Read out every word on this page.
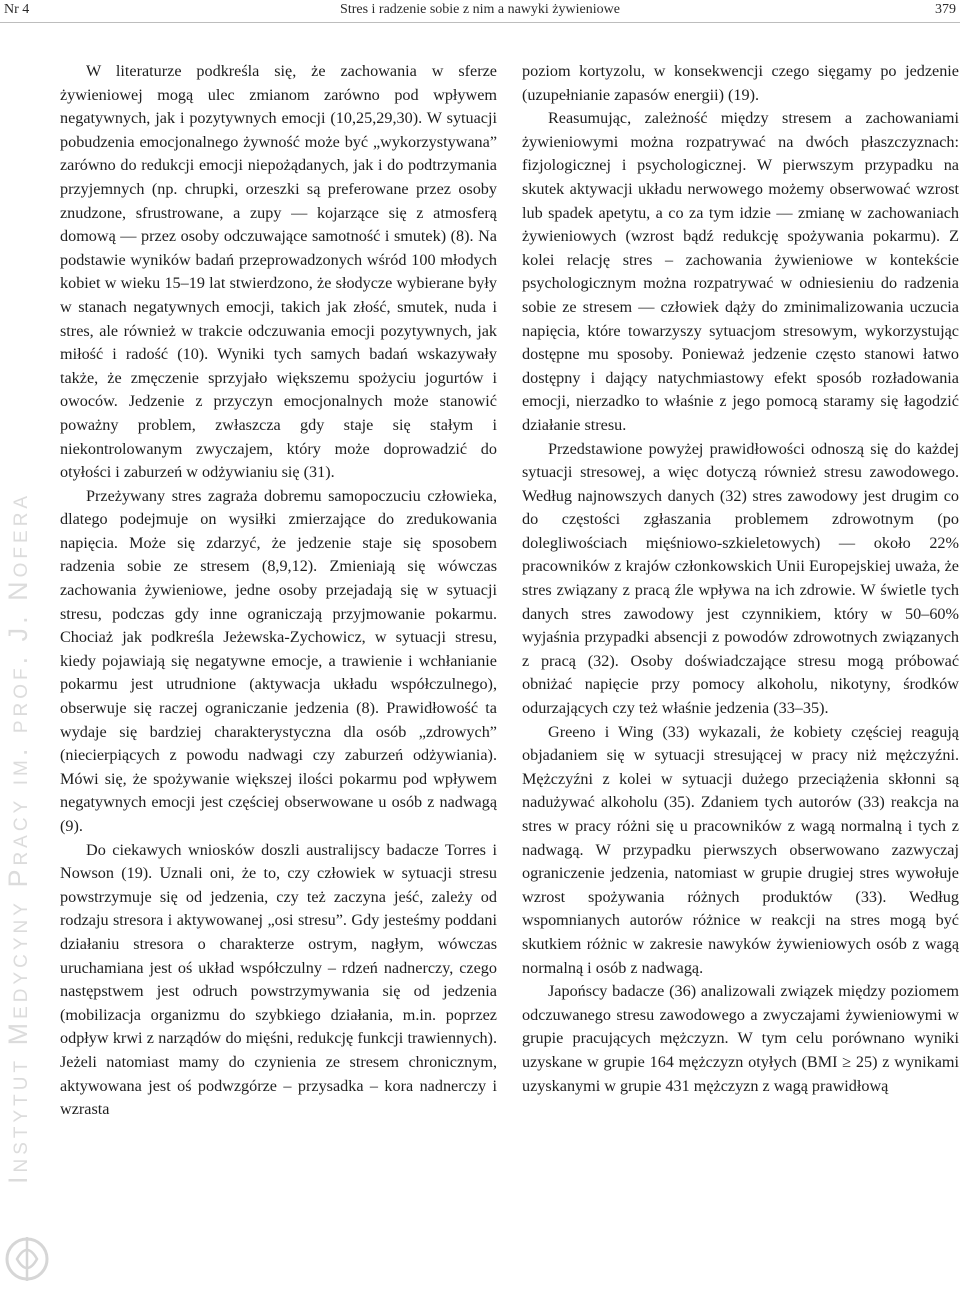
Stres i radzenie sobie z nim a nawyki żywieniowe
Nr 4	379
Instytut Medycyny Pracy im. prof. J. Nofera

W literaturze podkreśla się, że zachowania w sferze żywieniowej mogą ulec zmianom zarówno pod wpływem negatywnych, jak i pozytywnych emocji (10,25,29,30). W sytuacji pobudzenia emocjonalnego żywność może być „wykorzystywana” zarówno do redukcji emocji niepożądanych, jak i do podtrzymania przyjemnych (np. chrupki, orzeszki są preferowane przez osoby znudzone, sfrustrowane, a zupy — kojarzące się z atmosferą domową — przez osoby odczuwające samotność i smutek) (8). Na podstawie wyników badań przeprowadzonych wśród 100 młodych kobiet w wieku 15–19 lat stwierdzono, że słodycze wybierane były w stanach negatywnych emocji, takich jak złość, smutek, nuda i stres, ale również w trakcie odczuwania emocji pozytywnych, jak miłość i radość (10). Wyniki tych samych badań wskazywały także, że zmęczenie sprzyjało większemu spożyciu jogurtów i owoców. Jedzenie z przyczyn emocjonalnych może stanowić poważny problem, zwłaszcza gdy staje się stałym i niekontrolowanym zwyczajem, który może doprowadzić do otyłości i zaburzeń w odżywianiu się (31).

Przeżywany stres zagraża dobremu samopoczuciu człowieka, dlatego podejmuje on wysiłki zmierzające do zredukowania napięcia. Może się zdarzyć, że jedzenie staje się sposobem radzenia sobie ze stresem (8,9,12). Zmieniają się wówczas zachowania żywieniowe, jedne osoby przejadają się w sytuacji stresu, podczas gdy inne ograniczają przyjmowanie pokarmu. Chociaż jak podkreśla Jeżewska-Zychowicz, w sytuacji stresu, kiedy pojawiają się negatywne emocje, a trawienie i wchłanianie pokarmu jest utrudnione (aktywacja układu współczulnego), obserwuje się raczej ograniczanie jedzenia (8). Prawidłowość ta wydaje się bardziej charakterystyczna dla osób „zdrowych” (niecierpiących z powodu nadwagi czy zaburzeń odżywiania). Mówi się, że spożywanie większej ilości pokarmu pod wpływem negatywnych emocji jest częściej obserwowane u osób z nadwagą (9).

Do ciekawych wniosków doszli australijscy badacze Torres i Nowson (19). Uznali oni, że to, czy człowiek w sytuacji stresu powstrzymuje się od jedzenia, czy też zaczyna jeść, zależy od rodzaju stresora i aktywowanej „osi stresu”. Gdy jesteśmy poddani działaniu stresora o charakterze ostrym, nagłym, wówczas uruchamiana jest oś układ współczulny – rdzeń nadnerczy, czego następstwem jest odruch powstrzymywania się od jedzenia (mobilizacja organizmu do szybkiego działania, m.in. poprzez odpływ krwi z narządów do mięśni, redukcję funkcji trawiennych). Jeżeli natomiast mamy do czynienia ze stresem chronicznym, aktywowana jest oś podwzgórze – przysadka – kora nadnerczy i wzrasta

poziom kortyzolu, w konsekwencji czego sięgamy po jedzenie (uzupełnianie zapasów energii) (19).

Reasumując, zależność między stresem a zachowaniami żywieniowymi można rozpatrywać na dwóch płaszczyznach: fizjologicznej i psychologicznej. W pierwszym przypadku na skutek aktywacji układu nerwowego możemy obserwować wzrost lub spadek apetytu, a co za tym idzie — zmianę w zachowaniach żywieniowych (wzrost bądź redukcję spożywania pokarmu). Z kolei relację stres – zachowania żywieniowe w kontekście psychologicznym można rozpatrywać w odniesieniu do radzenia sobie ze stresem — człowiek dąży do zminimalizowania uczucia napięcia, które towarzyszy sytuacjom stresowym, wykorzystując dostępne mu sposoby. Ponieważ jedzenie często stanowi łatwo dostępny i dający natychmiastowy efekt sposób rozładowania emocji, nierzadko to właśnie z jego pomocą staramy się łagodzić działanie stresu.

Przedstawione powyżej prawidłowości odnoszą się do każdej sytuacji stresowej, a więc dotyczą również stresu zawodowego. Według najnowszych danych (32) stres zawodowy jest drugim co do częstości zgłaszania problemem zdrowotnym (po dolegliwościach mięśniowo-szkieletowych) — około 22% pracowników z krajów członkowskich Unii Europejskiej uważa, że stres związany z pracą źle wpływa na ich zdrowie. W świetle tych danych stres zawodowy jest czynnikiem, który w 50–60% wyjaśnia przypadki absencji z powodów zdrowotnych związanych z pracą (32). Osoby doświadczające stresu mogą próbować obniżać napięcie przy pomocy alkoholu, nikotyny, środków odurzających czy też właśnie jedzenia (33–35).

Greeno i Wing (33) wykazali, że kobiety częściej reagują objadaniem się w sytuacji stresującej w pracy niż mężczyźni. Mężczyźni z kolei w sytuacji dużego przeciążenia skłonni są nadużywać alkoholu (35). Zdaniem tych autorów (33) reakcja na stres w pracy różni się u pracowników z wagą normalną i tych z nadwagą. W przypadku pierwszych obserwowano zazwyczaj ograniczenie jedzenia, natomiast w grupie drugiej stres wywołuje wzrost spożywania różnych produktów (33). Według wspomnianych autorów różnice w reakcji na stres mogą być skutkiem różnic w zakresie nawyków żywieniowych osób z wagą normalną i osób z nadwagą.

Japońscy badacze (36) analizowali związek między poziomem odczuwanego stresu zawodowego a zwyczajami żywieniowymi w grupie pracujących mężczyzn. W tym celu porównano wyniki uzyskane w grupie 164 mężczyzn otyłych (BMI ≥ 25) z wynikami uzyskanymi w grupie 431 mężczyzn z wagą prawidłową
